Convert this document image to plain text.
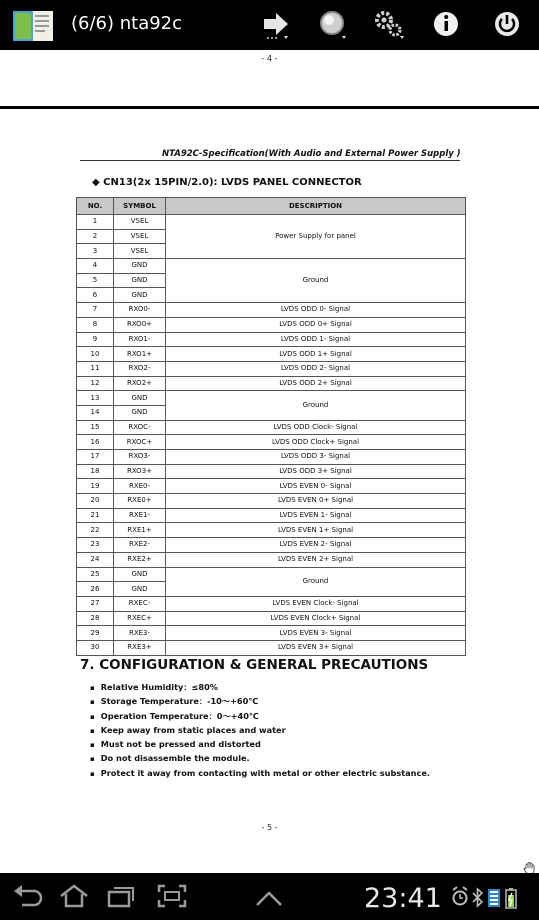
(6/6) nta92c
- 4 -
NTA92C-Specification(With Audio and External Power Supply )
◆ CN13(2x 15PIN/2.0): LVDS PANEL CONNECTOR
NO.	SYMBOL	DESCRIPTION
1	VSEL	Power Supply for panel
2	VSEL	
3	VSEL	
4	GND	Ground
5	GND	
6	GND	
7	RXO0-	LVDS ODD 0- Signal
8	RXO0+	LVDS ODD 0+ Signal
9	RXO1-	LVDS ODD 1- Signal
10	RXO1+	LVDS ODD 1+ Signal
11	RXO2-	LVDS ODD 2- Signal
12	RXO2+	LVDS ODD 2+ Signal
13	GND	Ground
14	GND	
15	RXOC-	LVDS ODD Clock- Signal
16	RXOC+	LVDS ODD Clock+ Signal
17	RXO3-	LVDS ODD 3- Signal
18	RXO3+	LVDS ODD 3+ Signal
19	RXE0-	LVDS EVEN 0- Signal
20	RXE0+	LVDS EVEN 0+ Signal
21	RXE1-	LVDS EVEN 1- Signal
22	RXE1+	LVDS EVEN 1+ Signal
23	RXE2-	LVDS EVEN 2- Signal
24	RXE2+	LVDS EVEN 2+ Signal
25	GND	Ground
26	GND	
27	RXEC-	LVDS EVEN Clock- Signal
28	RXEC+	LVDS EVEN Clock+ Signal
29	RXE3-	LVDS EVEN 3- Signal
30	RXE3+	LVDS EVEN 3+ Signal
7. CONFIGURATION & GENERAL PRECAUTIONS
▪ Relative Humidity：≤80%
▪ Storage Temperature：-10～+60℃
▪ Operation Temperature：0～+40℃
▪ Keep away from static places and water
▪ Must not be pressed and distorted
▪ Do not disassemble the module.
▪ Protect it away from contacting with metal or other electric substance.
- 5 -
23:41
